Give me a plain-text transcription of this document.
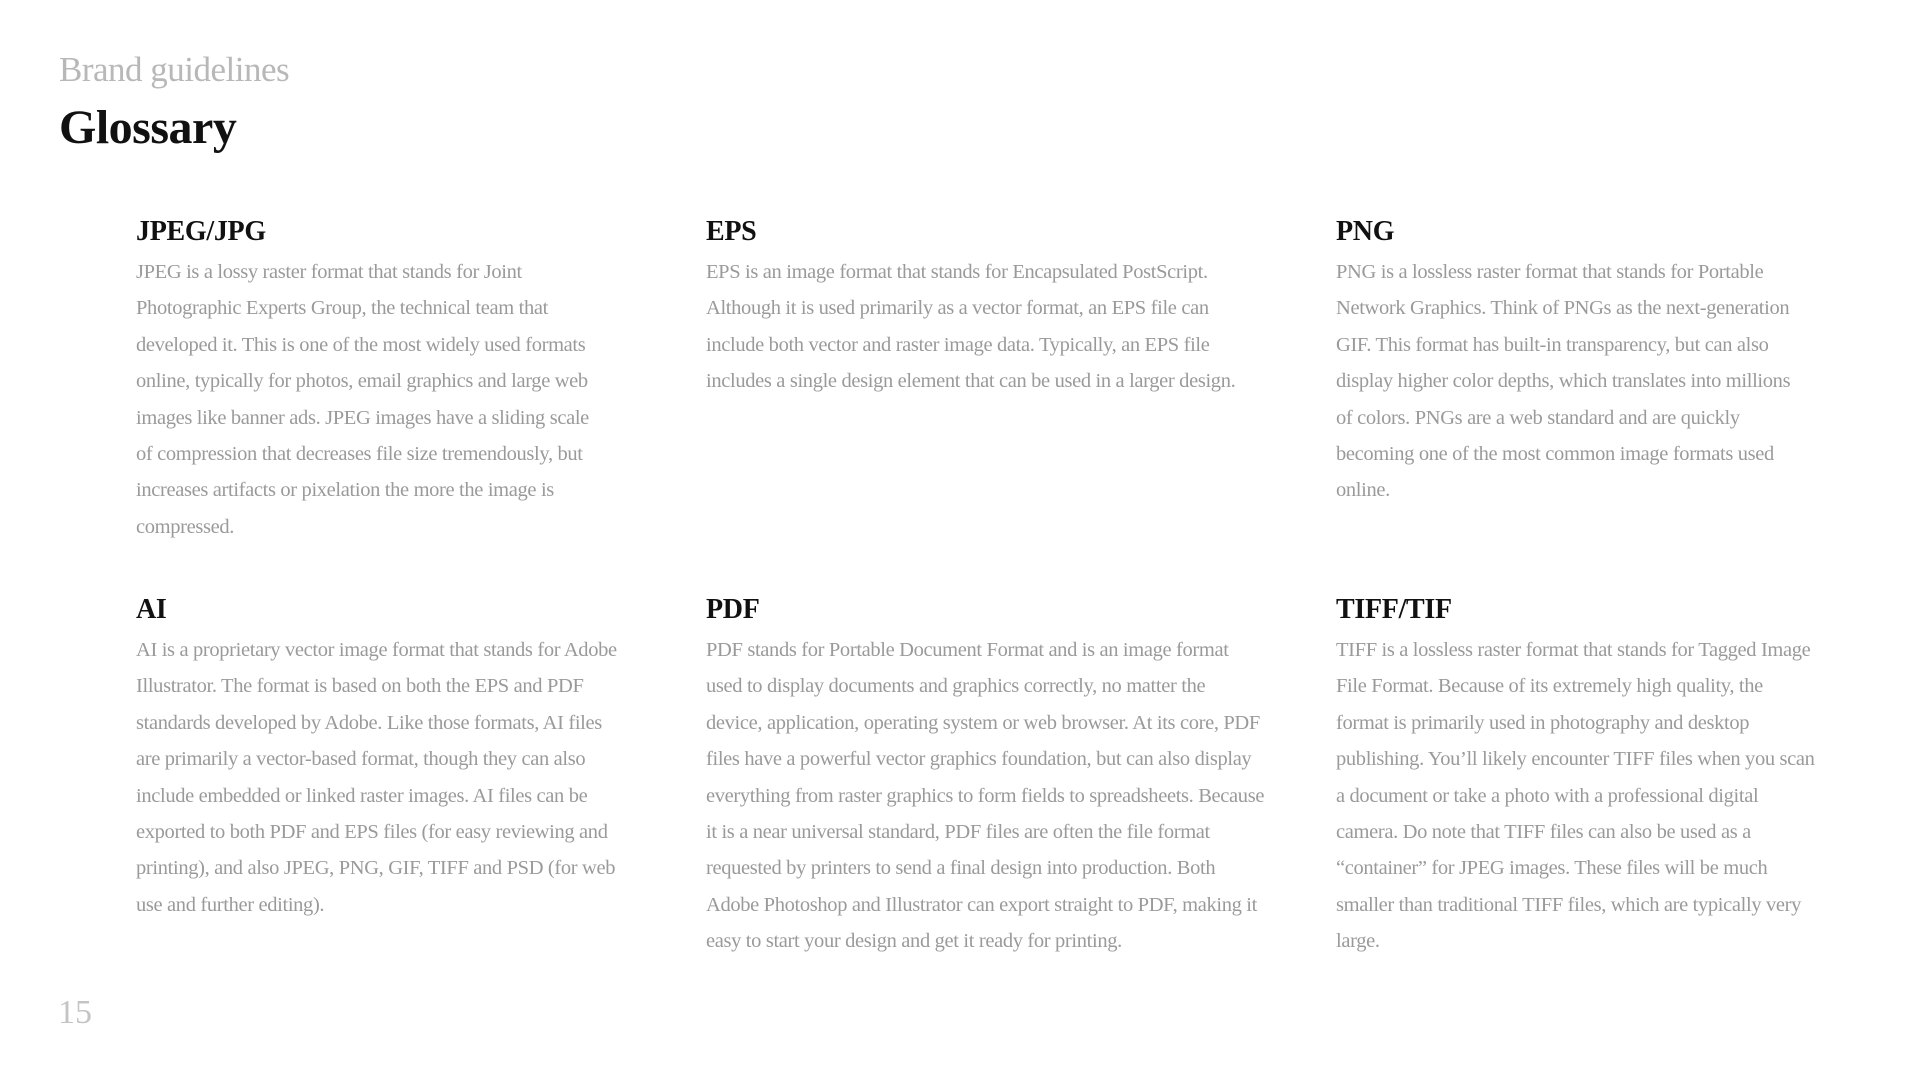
Brand guidelines
Glossary
JPEG/JPG

JPEG is a lossy raster format that stands for Joint Photographic Experts Group, the technical team that developed it. This is one of the most widely used formats online, typically for photos, email graphics and large web images like banner ads. JPEG images have a sliding scale of compression that decreases file size tremendously, but increases artifacts or pixelation the more the image is compressed.

EPS

EPS is an image format that stands for Encapsulated PostScript. Although it is used primarily as a vector format, an EPS file can include both vector and raster image data. Typically, an EPS file includes a single design element that can be used in a larger design.

PNG

PNG is a lossless raster format that stands for Portable Network Graphics. Think of PNGs as the next-generation GIF. This format has built-in transparency, but can also display higher color depths, which translates into millions of colors. PNGs are a web standard and are quickly becoming one of the most common image formats used online.

AI

AI is a proprietary vector image format that stands for Adobe Illustrator. The format is based on both the EPS and PDF standards developed by Adobe. Like those formats, AI files are primarily a vector-based format, though they can also include embedded or linked raster images. AI files can be exported to both PDF and EPS files (for easy reviewing and printing), and also JPEG, PNG, GIF, TIFF and PSD (for web use and further editing).

PDF

PDF stands for Portable Document Format and is an image format used to display documents and graphics correctly, no matter the device, application, operating system or web browser. At its core, PDF files have a powerful vector graphics foundation, but can also display everything from raster graphics to form fields to spreadsheets. Because it is a near universal standard, PDF files are often the file format requested by printers to send a final design into production. Both Adobe Photoshop and Illustrator can export straight to PDF, making it easy to start your design and get it ready for printing.

TIFF/TIF

TIFF is a lossless raster format that stands for Tagged Image File Format. Because of its extremely high quality, the format is primarily used in photography and desktop publishing. You’ll likely encounter TIFF files when you scan a document or take a photo with a professional digital camera. Do note that TIFF files can also be used as a “container” for JPEG images. These files will be much smaller than traditional TIFF files, which are typically very large.

15
